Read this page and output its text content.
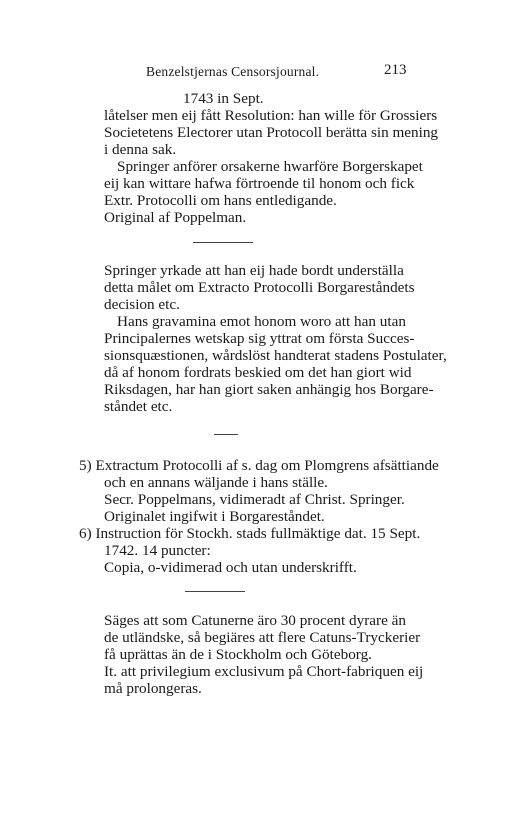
Benzelstjernas Censorsjournal.	213
1743 in Sept.
låtelser men eij fått Resolution: han wille för Grossiers
Societetens Electorer utan Protocoll berätta sin mening
i denna sak.
Springer anförer orsakerne hwarföre Borgerskapet
eij kan wittare hafwa förtroende til honom och fick
Extr. Protocolli om hans entledigande.
Original af Poppelman.
Springer yrkade att han eij hade bordt underställa
detta målet om Extracto Protocolli Borgareståndets
decision etc.
Hans gravamina emot honom woro att han utan
Principalernes wetskap sig yttrat om första Succes-
sionsquæstionen, wårdslöst handterat stadens Postulater,
då af honom fordrats beskied om det han giort wid
Riksdagen, har han giort saken anhängig hos Borgare-
ståndet etc.
5) Extractum Protocolli af s. dag om Plomgrens afsättiande
och en annans wäljande i hans ställe.
Secr. Poppelmans, vidimeradt af Christ. Springer.
Originalet ingifwit i Borgareståndet.
6) Instruction för Stockh. stads fullmäktige dat. 15 Sept.
1742. 14 puncter:
Copia, o-vidimerad och utan underskrifft.
Säges att som Catunerne äro 30 procent dyrare än
de utländske, så begiäres att flere Catuns-Tryckerier
få uprättas än de i Stockholm och Göteborg.
It. att privilegium exclusivum på Chort-fabriquen eij
må prolongeras.
